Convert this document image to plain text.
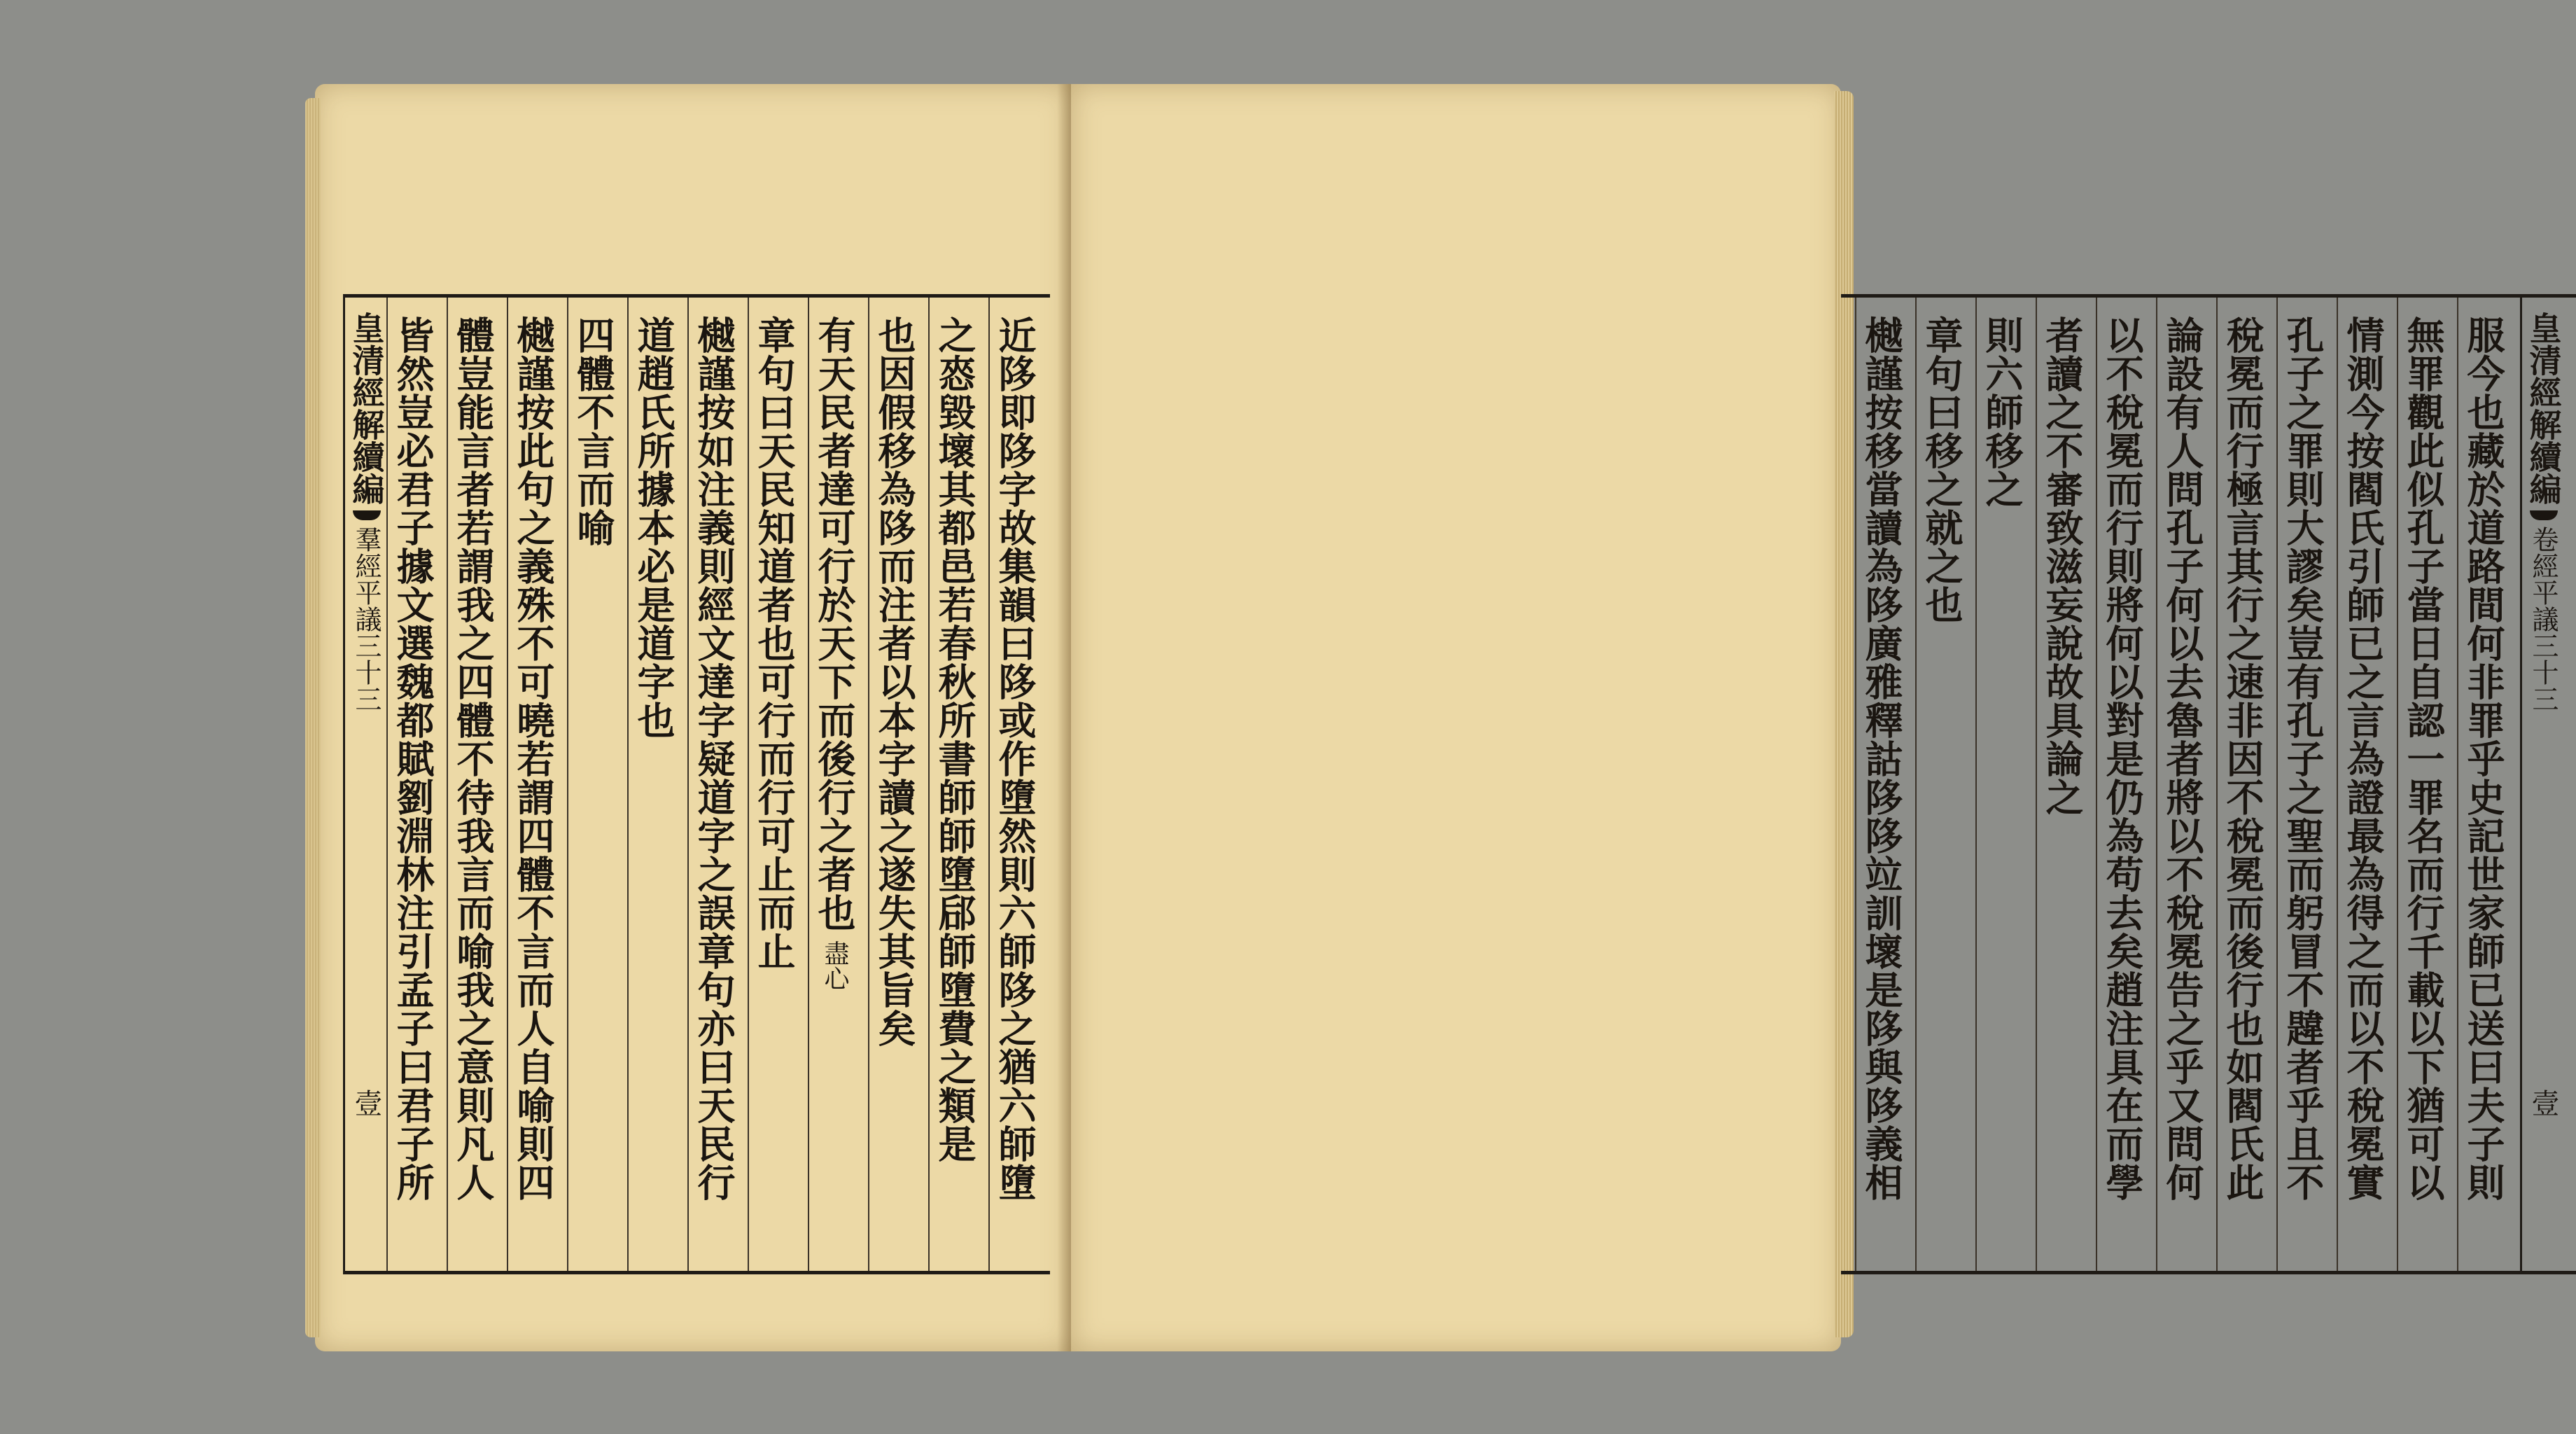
皇清經解續編
羣經平議三十三
壹	近陊即陊字故集韻曰陊或作墮然則六師陊之猶六師墮
之㤲毀壞其都邑若春秋所書師師墮郈師墮費之類是
也因假移為陊而注者以本字讀之遂失其旨矣
有天民者達可行於天下而後行之者也
盡心
章句曰天民知道者也可行而行可止而止
樾謹按如注義則經文達字疑道字之誤章句亦曰天民行
道趙氏所據本必是道字也
四體不言而喻
樾謹按此句之義殊不可曉若謂四體不言而人自喻則四
體豈能言者若謂我之四體不待我言而喻我之意則凡人
皆然豈必君子據文選魏都賦劉淵林注引孟子曰君子所	皇清經解續編
卷經平議三十三
壹
服今也藏於道路間何非罪乎史記世家師已送曰夫子則
無罪觀此似孔子當日自認一罪名而行千載以下猶可以
情測今按閻氏引師已之言為證最為得之而以不稅冕實
孔子之罪則大謬矣豈有孔子之聖而躬冒不韙者乎且不
稅冕而行極言其行之速非因不稅冕而後行也如閻氏此
論設有人問孔子何以去魯者將以不稅冕告之乎又問何
以不稅冕而行則將何以對是仍為苟去矣趙注具在而學
者讀之不審致滋妄說故具論之
則六師移之
章句曰移之就之也
樾謹按移當讀為陊廣雅釋詁陊陊竝訓壞是陊與陊義相
